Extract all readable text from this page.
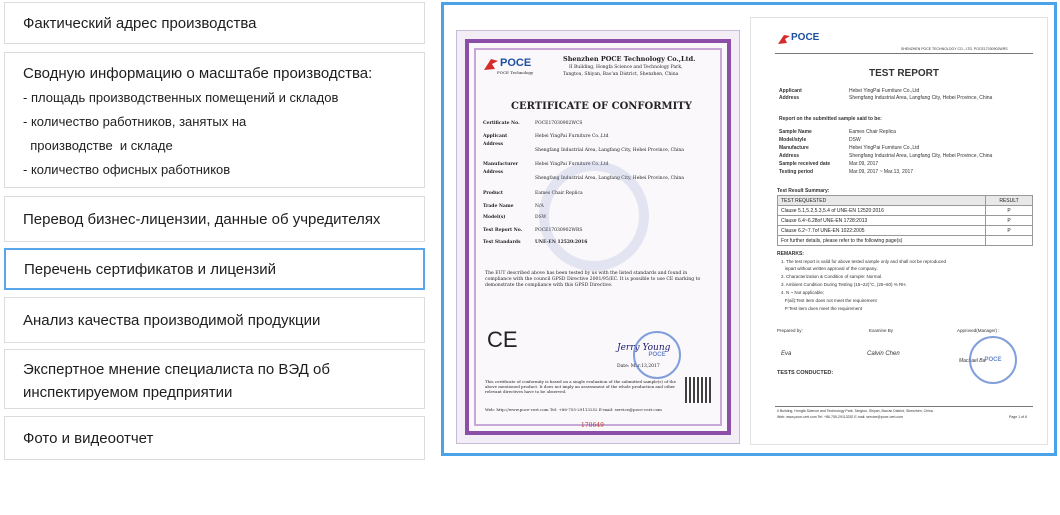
Фактический адрес производства
Сводную информацию о масштабе производства:
- площадь производственных помещений и складов
- количество работников, занятых на
производстве  и складе
- количество офисных работников
Перевод бизнес-лицензии, данные об учредителях
Перечень сертификатов и лицензий
Анализ качества производимой продукции
Экспертное мнение специалиста по ВЭД об
инспектируемом предприятии
Фото и видеоотчет
POCE
POCE Technology
Shenzhen POCE Technology Co.,Ltd.
II Building, Hongfa Science and Technology Park,
Tangtou, Shiyan, Bao'an District, Shenzhen, China
CERTIFICATE OF CONFORMITY
Certificate No.	POCE17030902WCS
Applicant	Hebei YingPai Furniture Co.,Ltd
Address
Shengfang Industrial Area, Langfang City, Hebei Province, China
Manufacturer	Hebei YingPai Furniture Co.,Ltd
Address
Shengfang Industrial Area, Langfang City, Hebei Province, China
Product	Eames Chair Replica
Trade Name	N/A
Model(s)	DSW
Test Report No.	POCE17030902WRS
Test Standards	UNE-EN 12520:2016
The EUT described above has been tested by us with the listed standards and found in compliance with the council GPSD Directive 2001/95/EC. It is possible to use CE marking to demonstrate the compliance with this GPSD Directive.
CE	Jerry Young
Date: Mar.13,2017
POCE
This certificate of conformity is based on a single evaluation of the submitted sample(s) of the above mentioned product. It does not imply an assessment of the whole production and other relevant directives have to be observed.
Web: http://www.poce-cert.com Tel: +86-755-29113252 E-mail: service@poce-cert.com
170649
POCE
SHENZHEN POCE TECHNOLOGY CO., LTD. POCE17030902WRS
TEST REPORT
Applicant	Hebei YingPai Furniture Co.,Ltd
Address	Shengfang Industrial Area, Langfang City, Hebei Province, China
Report on the submitted sample said to be:
Sample Name	Eames Chair Replica
Model/style	DSW
Manufacture	Hebei YingPai Furniture Co.,Ltd
Address	Shengfang Industrial Area, Langfang City, Hebei Province, China
Sample received date	Mar.09, 2017
Testing period	Mar.09, 2017 ~ Mar.13, 2017
Test Result Summary:
TEST REQUESTED	RESULT
Clause 5.1,5.2,5.3,5.4 of UNE-EN 12520:2016	P
Clause 6.4~6.28of UNE-EN 1728:2013	P
Clause 6.2~7.7of UNE-EN 1022:2005	P
For further details, please refer to the following page(s)	
REMARKS:
1. The test report is valid for above tested sample only and shall not be reproduced
inpart without written approval of the company.
2. Characterization & Condition of sample: Normal.
3. Ambient Condition During Testing (15~22)°C, (25~50) % RH.
4. N ~ Not applicable;
F(ail):Test item does not meet the requirement
P:Test item does meet the requirement
Prepared by:	Examine By	Approved(Manager) :
Eva	Calvin Chen
Machael Ba POCE
TESTS CONDUCTED:
II Building, Hongfa Science and Technology Park, Tangtou, Shiyan, Bao'an District, Shenzhen, China
Web: www.poce-cert.com Tel: +86-755-29113252 E-mail: service@poce-cert.com	Page 1 of 6
